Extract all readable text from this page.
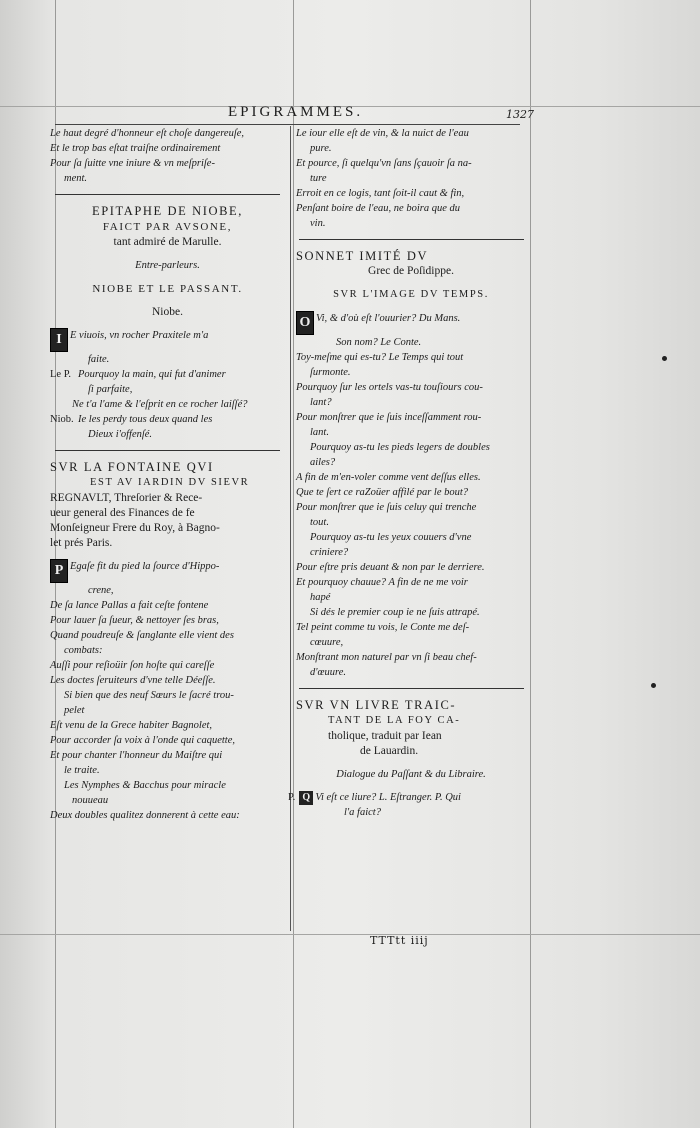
EPIGRAMMES.	1327
Le haut degré d'honneur eſt choſe dangereuſe,
Et le trop bas eſtat traiſne ordinairement
Pour ſa ſuitte vne iniure & vn meſpriſe-
ment.
EPITAPHE DE NIOBE,
FAICT PAR AVSONE,
tant admiré de Marulle.
Entre-parleurs.
NIOBE ET LE PASSANT.
Niobe.
I E viuois, vn rocher Praxitele m'a
faite.
Le P. Pourquoy la main, qui fut d'animer
ſi parfaite,
Ne t'a l'ame & l'eſprit en ce rocher laiſſé?
Niob. Ie les perdy tous deux quand les
Dieux i'offenſé.
SVR LA FONTAINE QVI
EST AV IARDIN DV SIEVR
REGNAVLT, Threſorier & Rece-
ueur general des Finances de fe
Monſeigneur Frere du Roy, à Bagno-
let prés Paris.
P Egaſe fit du pied la ſource d'Hippo-
crene,
De ſa lance Pallas a fait ceſte fontene
Pour lauer ſa ſueur, & nettoyer ſes bras,
Quand poudreuſe & ſanglante elle vient des
combats:
Auſſi pour reſioüir ſon hoſte qui careſſe
Les doctes ſeruiteurs d'vne telle Déeſſe.
Si bien que des neuf Sœurs le ſacré trou-
pelet
Eſt venu de la Grece habiter Bagnolet,
Pour accorder ſa voix à l'onde qui caquette,
Et pour chanter l'honneur du Maiſtre qui
le traite.
Les Nymphes & Bacchus pour miracle
nouueau
Deux doubles qualitez donnerent à cette eau:
Le iour elle eſt de vin, & la nuict de l'eau
pure.
Et pource, ſi quelqu'vn ſans ſçauoir ſa na-
ture
Erroit en ce logis, tant ſoit-il caut & fin,
Penſant boire de l'eau, ne boira que du
vin.
SONNET IMITÉ DV
Grec de Poſidippe.
SVR L'IMAGE DV TEMPS.
O Vi, & d'où eſt l'ouurier? Du Mans.
Son nom? Le Conte.
Toy-meſme qui es-tu? Le Temps qui tout
ſurmonte.
Pourquoy ſur les ortels vas-tu touſiours cou-
lant?
Pour monſtrer que ie ſuis inceſſamment rou-
lant.
Pourquoy as-tu les pieds legers de doubles
ailes?
A fin de m'en-voler comme vent deſſus elles.
Que te ſert ce raZoüer affilé par le bout?
Pour monſtrer que ie ſuis celuy qui trenche
tout.
Pourquoy as-tu les yeux couuers d'vne
criniere?
Pour eſtre pris deuant & non par le derriere.
Et pourquoy chauue? A fin de ne me voir
hapé
Si dés le premier coup ie ne ſuis attrapé.
Tel peint comme tu vois, le Conte me deſ-
cœuure,
Monſtrant mon naturel par vn ſi beau chef-
d'œuure.
SVR VN LIVRE TRAIC-
TANT DE LA FOY CA-
tholique, traduit par Iean
de Lauardin.
Dialogue du Paſſant & du Libraire.
P. Q Vi eſt ce liure? L. Eſtranger. P. Qui
l'a faict?
TTTtt iiij
